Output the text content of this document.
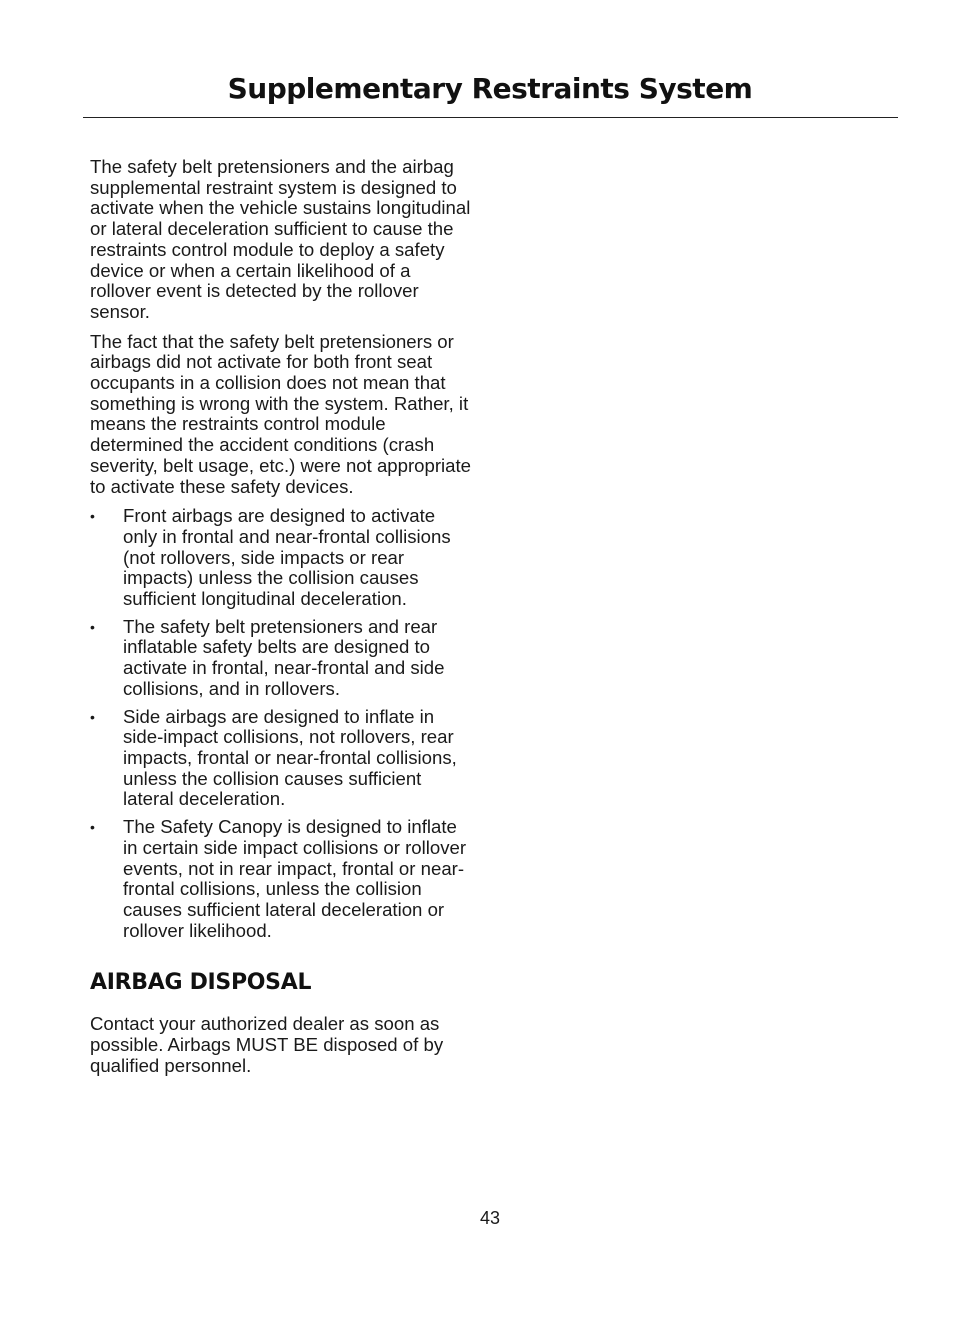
Supplementary Restraints System

The safety belt pretensioners and the airbag supplemental restraint system is designed to activate when the vehicle sustains longitudinal or lateral deceleration sufficient to cause the restraints control module to deploy a safety device or when a certain likelihood of a rollover event is detected by the rollover sensor.

The fact that the safety belt pretensioners or airbags did not activate for both front seat occupants in a collision does not mean that something is wrong with the system. Rather, it means the restraints control module determined the accident conditions (crash severity, belt usage, etc.) were not appropriate to activate these safety devices.

• Front airbags are designed to activate only in frontal and near-frontal collisions (not rollovers, side impacts or rear impacts) unless the collision causes sufficient longitudinal deceleration.
• The safety belt pretensioners and rear inflatable safety belts are designed to activate in frontal, near-frontal and side collisions, and in rollovers.
• Side airbags are designed to inflate in side-impact collisions, not rollovers, rear impacts, frontal or near-frontal collisions, unless the collision causes sufficient lateral deceleration.
• The Safety Canopy is designed to inflate in certain side impact collisions or rollover events, not in rear impact, frontal or near-frontal collisions, unless the collision causes sufficient lateral deceleration or rollover likelihood.
AIRBAG DISPOSAL

Contact your authorized dealer as soon as possible. Airbags MUST BE disposed of by qualified personnel.

43
